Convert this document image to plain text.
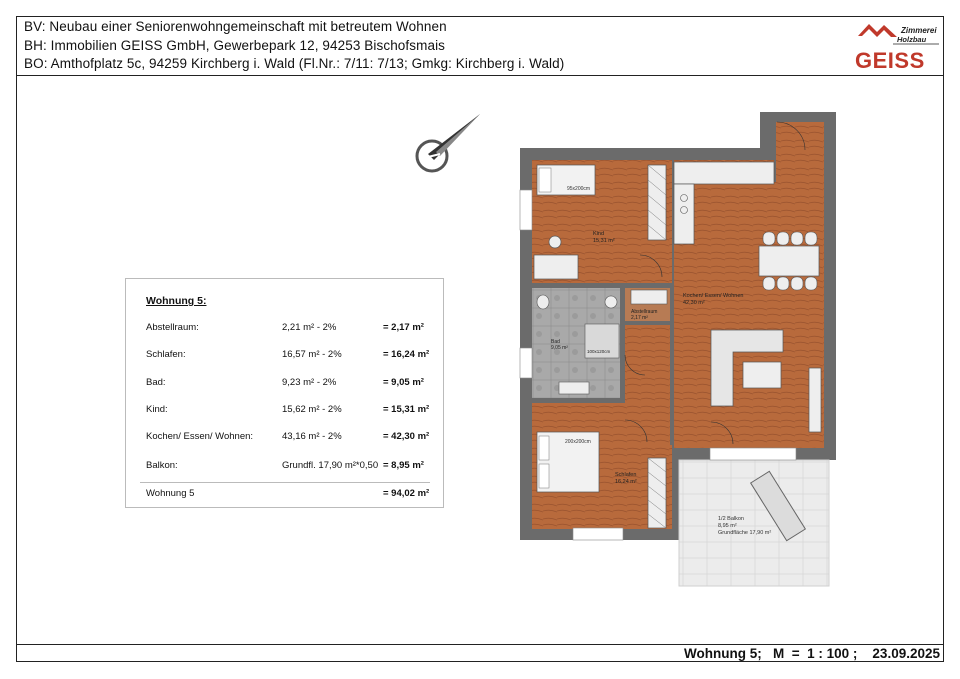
BV: Neubau einer Seniorenwohngemeinschaft mit betreutem Wohnen
BH: Immobilien GEISS GmbH, Gewerbepark 12, 94253 Bischofsmais
BO: Amthofplatz 5c, 94259 Kirchberg i. Wald (Fl.Nr.: 7/11: 7/13; Gmkg: Kirchberg i. Wald)
Zimmerei
Holzbau
GEISS
Wohnung 5:
Abstellraum:	2,21 m² - 2%	= 2,17 m²
Schlafen:	16,57 m² - 2%	= 16,24 m²
Bad:	9,23 m² - 2%	= 9,05 m²
Kind:	15,62 m² - 2%	= 15,31 m²
Kochen/ Essen/ Wohnen:	43,16 m² - 2%	= 42,30 m²
Balkon:	Grundfl. 17,90 m²*0,50 = 8,95 m²
Wohnung 5	= 94,02 m²
95x200cm
Kind
15,31 m²
Kochen/ Essen/ Wohnen
42,30 m²
Abstellraum
2,17 m²
100x120cm
Bad
9,05 m²
200x200cm
Schlafen
16,24 m²
1/2 Balkon
8,95 m²
Grundfläche 17,90 m²
Wohnung 5;   M  =  1 : 100 ;    23.09.2025
